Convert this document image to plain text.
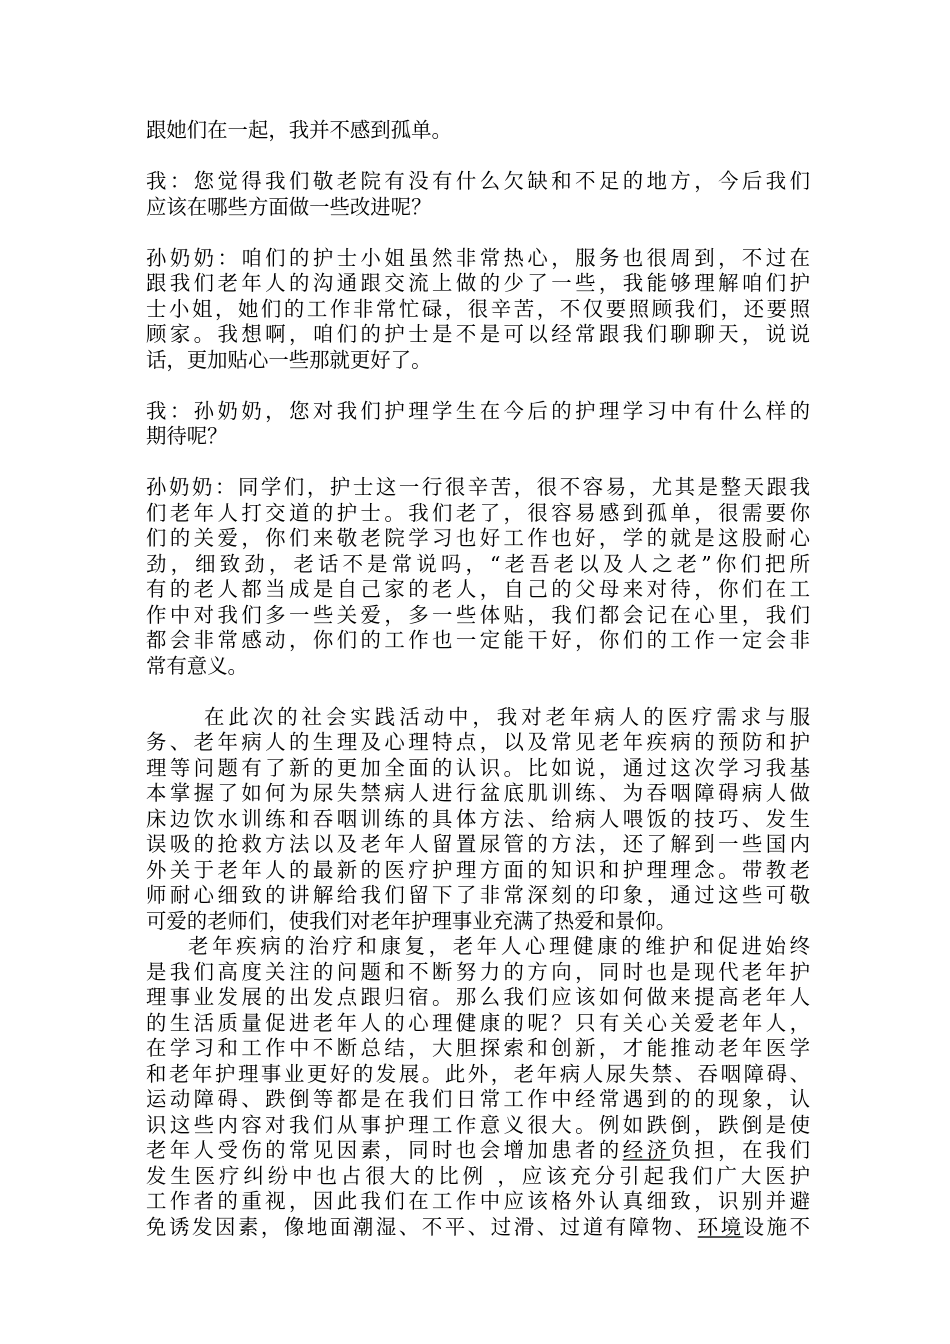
跟她们在一起，我并不感到孤单。

我：您觉得我们敬老院有没有什么欠缺和不足的地方，今后我们
应该在哪些方面做一些改进呢？

孙奶奶：咱们的护士小姐虽然非常热心，服务也很周到，不过在
跟我们老年人的沟通跟交流上做的少了一些，我能够理解咱们护
士小姐，她们的工作非常忙碌，很辛苦，不仅要照顾我们，还要照
顾家。我想啊，咱们的护士是不是可以经常跟我们聊聊天，说说
话，更加贴心一些那就更好了。

我：孙奶奶，您对我们护理学生在今后的护理学习中有什么样的
期待呢？

孙奶奶：同学们，护士这一行很辛苦，很不容易，尤其是整天跟我
们老年人打交道的护士。我们老了，很容易感到孤单，很需要你
们的关爱，你们来敬老院学习也好工作也好，学的就是这股耐心
劲，细致劲，老话不是常说吗，“老吾老以及人之老”你们把所
有的老人都当成是自己家的老人，自己的父母来对待，你们在工
作中对我们多一些关爱，多一些体贴，我们都会记在心里，我们
都会非常感动，你们的工作也一定能干好，你们的工作一定会非
常有意义。

在此次的社会实践活动中，我对老年病人的医疗需求与服
务、老年病人的生理及心理特点，以及常见老年疾病的预防和护
理等问题有了新的更加全面的认识。比如说，通过这次学习我基
本掌握了如何为尿失禁病人进行盆底肌训练、为吞咽障碍病人做
床边饮水训练和吞咽训练的具体方法、给病人喂饭的技巧、发生
误吸的抢救方法以及老年人留置尿管的方法，还了解到一些国内
外关于老年人的最新的医疗护理方面的知识和护理理念。带教老
师耐心细致的讲解给我们留下了非常深刻的印象，通过这些可敬
可爱的老师们，使我们对老年护理事业充满了热爱和景仰。

老年疾病的治疗和康复，老年人心理健康的维护和促进始终
是我们高度关注的问题和不断努力的方向，同时也是现代老年护
理事业发展的出发点跟归宿。那么我们应该如何做来提高老年人
的生活质量促进老年人的心理健康的呢？只有关心关爱老年人，
在学习和工作中不断总结，大胆探索和创新，才能推动老年医学
和老年护理事业更好的发展。此外，老年病人尿失禁、吞咽障碍、
运动障碍、跌倒等都是在我们日常工作中经常遇到的的现象，认
识这些内容对我们从事护理工作意义很大。例如跌倒，跌倒是使
老年人受伤的常见因素，同时也会增加患者的经济负担，在我们
发生医疗纠纷中也占很大的比例 ，应该充分引起我们广大医护
工作者的重视，因此我们在工作中应该格外认真细致，识别并避
免诱发因素，像地面潮湿、不平、过滑、过道有障物、环境设施不
